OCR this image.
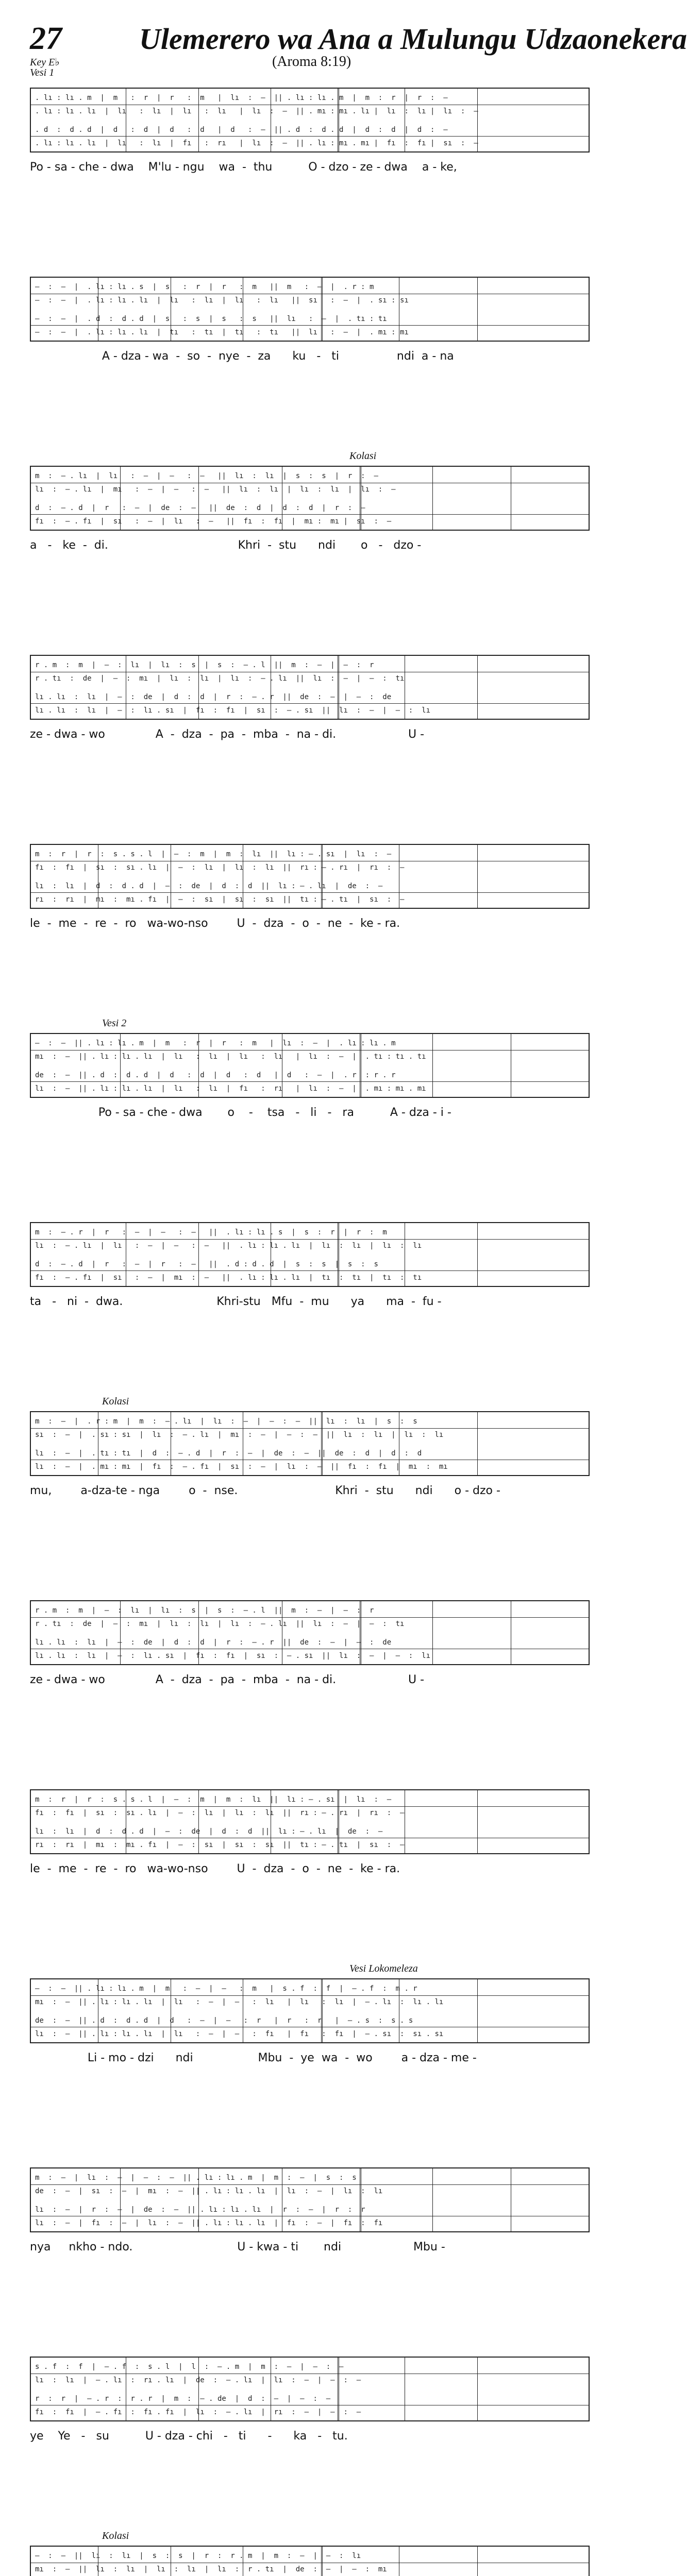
27	Ulemerero wa Ana a Mulungu Udzaonekera
Key E♭
Vesi 1
(Aroma 8:19)
. lı : lı . m  |  m   :  r  |  r   :  m   |  lı  :  —  || . lı : lı . m  |  m  :  r  |  r  :  —
. lı : lı . lı  |  lı   :  lı  |  lı   :  lı   |  lı  :  —  || . mı : mı . lı |  lı  :  lı |  lı  :  —
. d  :  d . d  |  d   :  d  |  d   :  d   |  d   :  —  || . d  :  d . d  |  d  :  d  |  d  :  —
. lı : lı . lı  |  lı   :  lı  |  fı   :  rı   |  lı  :  —  || . lı : mı . mı |  fı  :  fı |  sı  :  —
Po - sa - che - dwa    M'lu - ngu    wa  -  thu          O - dzo - ze - dwa    a - ke,
—  :  —  |  . lı : lı . s  |  s   :  r  |  r   :  m   ||  m   :  —  |  . r : m
—  :  —  |  . lı : lı . lı  |  lı   :  lı  |  lı   :  lı   ||  sı   :  —  |  . sı : sı
—  :  —  |  . d  :  d . d  |  s   :  s  |  s   :  s   ||  lı   :  —  |  . tı : tı
—  :  —  |  . lı : lı . lı  |  tı   :  tı  |  tı   :  tı   ||  lı   :  —  |  . mı : mı
A - dza - wa  -  so  -  nye  -  za      ku   -   ti                ndi  a - na
Kolasi
m  :  — . lı  |  lı   :  —  |  —   :  —   ||  lı  :  lı  |  s  :  s  |  r  :  —
lı  :  — . lı  |  mı   :  —  |  —   :  —   ||  lı  :  lı  |  lı  :  lı  |  lı  :  —
d  :  — . d  |  r   :  —  |  de  :  —   ||  de  :  d  |  d  :  d  |  r  :  —
fı  :  — . fı  |  sı   :  —  |  lı   :  —   ||  fı  :  fı  |  mı :  mı |  sı  :  —
a   -   ke  -  di.                                    Khri  -  stu      ndi       o   -   dzo -
r . m  :  m  |  —  :  lı  |  lı  :  s  |  s  :  — . l  ||  m  :  —  |  —  :  r
r . tı  :  de  |  —  :  mı  |  lı  :  lı  |  lı  :  — . lı  ||  lı  :  —  |  —  :  tı
lı . lı  :  lı  |  —  :  de  |  d  :  d  |  r  :  — . r  ||  de  :  —  |  —  :  de
lı . lı  :  lı  |  —  :  lı . sı  |  fı  :  fı  |  sı  :  — . sı  ||  lı  :  —  |  —  :  lı
ze - dwa - wo              A  -  dza  -  pa  -  mba  -  na - di.                    U -
m  :  r  |  r  :  s . s . l  |  —  :  m  |  m  :  lı  ||  lı : — . sı  |  lı  :  —
fı  :  fı  |  sı  :  sı . lı  |  —  :  lı  |  lı  :  lı  ||  rı : — . rı  |  rı  :  —
lı  :  lı  |  d  :  d . d  |  —  :  de  |  d  :  d  ||  lı : — . lı  |  de  :  —
rı  :  rı  |  mı  :  mı . fı  |  —  :  sı  |  sı  :  sı  ||  tı : — . tı  |  sı  :  —
le  -  me  -  re  -  ro   wa-wo-nso        U  -  dza  -  o  -  ne  -  ke - ra.
Vesi 2
—  :  —  || . lı : lı . m  |  m   :  r  |  r   :  m   |  lı  :  —  |  . lı : lı . m
mı  :  —  || . lı : lı . lı  |  lı   :  lı  |  lı   :  lı   |  lı  :  —  |  . tı : tı . tı
de  :  —  || . d  :  d . d  |  d   :  d  |  d   :  d   |  d   :  —  |  . r  : r . r
lı  :  —  || . lı : lı . lı  |  lı   :  lı  |  fı   :  rı   |  lı  :  —  |  . mı : mı . mı
Po - sa - che - dwa       o    -    tsa   -   li   -   ra          A - dza - i -
m  :  — . r  |  r   :  —  |  —   :  —   ||  . lı : lı . s  |  s  :  r  |  r  :  m
lı  :  — . lı  |  lı   :  —  |  —   :  —   ||  . lı : lı . lı  |  lı  :  lı  |  lı  :  lı
d  :  — . d  |  r   :  —  |  r   :  —   ||  . d : d . d  |  s  :  s  |  s  :  s
fı  :  — . fı  |  sı   :  —  |  mı  :  —   ||  . lı : lı . lı  |  tı  :  tı  |  tı  :  tı
ta   -   ni  -  dwa.                          Khri-stu   Mfu  -  mu      ya      ma  -  fu -
Kolasi
m  :  —  |  . r : m  |  m  :  — . lı  |  lı  :  —  |  —  :  —  ||  lı  :  lı  |  s  :  s
sı  :  —  |  . sı : sı  |  lı  :  — . lı  |  mı  :  —  |  —  :  —  ||  lı  :  lı  |  lı  :  lı
lı  :  —  |  . tı : tı  |  d  :  — . d  |  r  :  —  |  de  :  —  ||  de  :  d  |  d  :  d
lı  :  —  |  . mı : mı  |  fı  :  — . fı  |  sı  :  —  |  lı  :  —  ||  fı  :  fı  |  mı  :  mı
mu,        a-dza-te - nga        o  -  nse.                           Khri  -  stu      ndi      o - dzo -
r . m  :  m  |  —  :  lı  |  lı  :  s  |  s  :  — . l  ||  m  :  —  |  —  :  r
r . tı  :  de  |  —  :  mı  |  lı  :  lı  |  lı  :  — . lı  ||  lı  :  —  |  —  :  tı
lı . lı  :  lı  |  —  :  de  |  d  :  d  |  r  :  — . r  ||  de  :  —  |  —  :  de
lı . lı  :  lı  |  —  :  lı . sı  |  fı  :  fı  |  sı  :  — . sı  ||  lı  :  —  |  —  :  lı
ze - dwa - wo              A  -  dza  -  pa  -  mba  -  na - di.                    U -
m  :  r  |  r  :  s . s . l  |  —  :  m  |  m  :  lı  ||  lı : — . sı  |  lı  :  —
fı  :  fı  |  sı  :  sı . lı  |  —  :  lı  |  lı  :  lı  ||  rı : — . rı  |  rı  :  —
lı  :  lı  |  d  :  d . d  |  —  :  de  |  d  :  d  ||  lı : — . lı  |  de  :  —
rı  :  rı  |  mı  :  mı . fı  |  —  :  sı  |  sı  :  sı  ||  tı : — . tı  |  sı  :  —
le  -  me  -  re  -  ro   wa-wo-nso        U  -  dza  -  o  -  ne  -  ke - ra.
Vesi Lokomeleza
—  :  —  || . lı : lı . m  |  m   :  —  |  —   :  m   |  s . f  :  f  |  — . f  :  m . r
mı  :  —  || . lı : lı . lı  |  lı   :  —  |  —   :  lı   |  lı   :  lı  |  — . lı  :  lı . lı
de  :  —  || . d  :  d . d  |  d   :  —  |  —   :  r   |  r   :  r   |  — . s  :  s . s
lı  :  —  || . lı : lı . lı  |  lı   :  —  |  —   :  fı   |  fı   :  fı  |  — . sı  :  sı . sı
Li - mo - dzi      ndi                  Mbu  -  ye  wa  -  wo        a - dza - me -
m  :  —  |  lı  :  —  |  —  :  —  || . lı : lı . m  |  m  :  —  |  s  :  s
de  :  —  |  sı  :  —  |  mı  :  —  || . lı : lı . lı  |  lı  :  —  |  lı  :  lı
lı  :  —  |  r  :  —  |  de  :  —  || . lı : lı . lı  |  r  :  —  |  r  :  r
lı  :  —  |  fı  :  —  |  lı  :  —  || . lı : lı . lı  |  fı  :  —  |  fı  :  fı
nya     nkho - ndo.                             U - kwa - ti       ndi                    Mbu -
s . f  :  f  |  — . f  :  s . l  |  l  :  — . m  |  m  :  —  |  —  :  —
lı  :  lı  |  — . lı  :  rı . lı  |  de  :  — . lı  |  lı  :  —  |  —  :  —
r  :  r  |  — . r  :  r . r  |  m  :  — . de  |  d  :  —  |  —  :  —
fı  :  fı  |  — . fı  :  fı . fı  |  lı  :  — . lı  |  rı  :  —  |  —  :  —
ye    Ye   -   su          U - dza - chi   -   ti      -      ka   -   tu.
Kolasi
—  :  —  ||  lı  :  lı  |  s  :  s  |  r  :  r . m  |  m  :  —  |  —  :  lı
mı  :  —  ||  lı  :  lı  |  lı  :  lı  |  lı  :  r . tı  |  de  :  —  |  —  :  mı
